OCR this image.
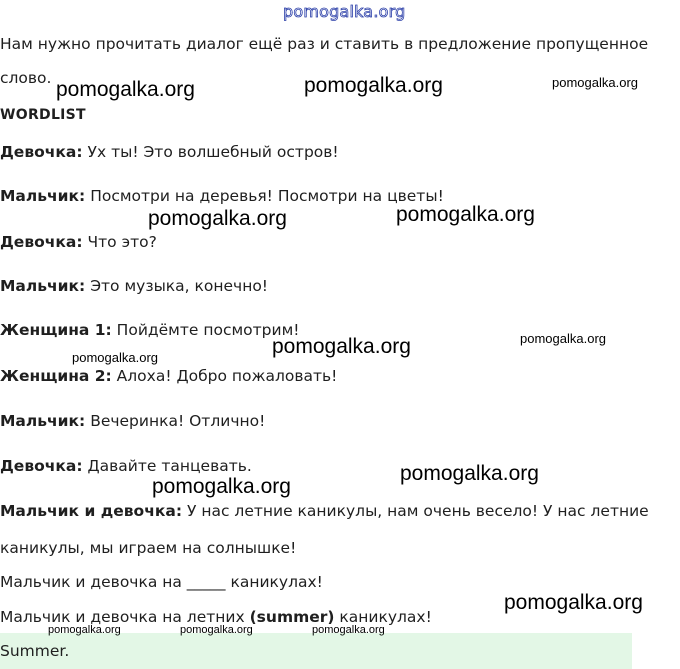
pomogalka.org
Нам нужно прочитать диалог ещё раз и ставить в предложение пропущенное
слово.
WORDLIST
Девочка: Ух ты! Это волшебный остров!
Мальчик: Посмотри на деревья! Посмотри на цветы!
Девочка: Что это?
Мальчик: Это музыка, конечно!
Женщина 1: Пойдёмте посмотрим!
Женщина 2: Алоха! Добро пожаловать!
Мальчик: Вечеринка! Отлично!
Девочка: Давайте танцевать.
Мальчик и девочка: У нас летние каникулы, нам очень весело! У нас летние
каникулы, мы играем на солнышке!
Мальчик и девочка на _____ каникулах!
Мальчик и девочка на летних (summer) каникулах!
Summer.
pomogalka.org	pomogalka.org	pomogalka.org
pomogalka.org	pomogalka.org
pomogalka.org	pomogalka.org
pomogalka.org
pomogalka.org
pomogalka.org
pomogalka.org
pomogalka.org	pomogalka.org	pomogalka.org
